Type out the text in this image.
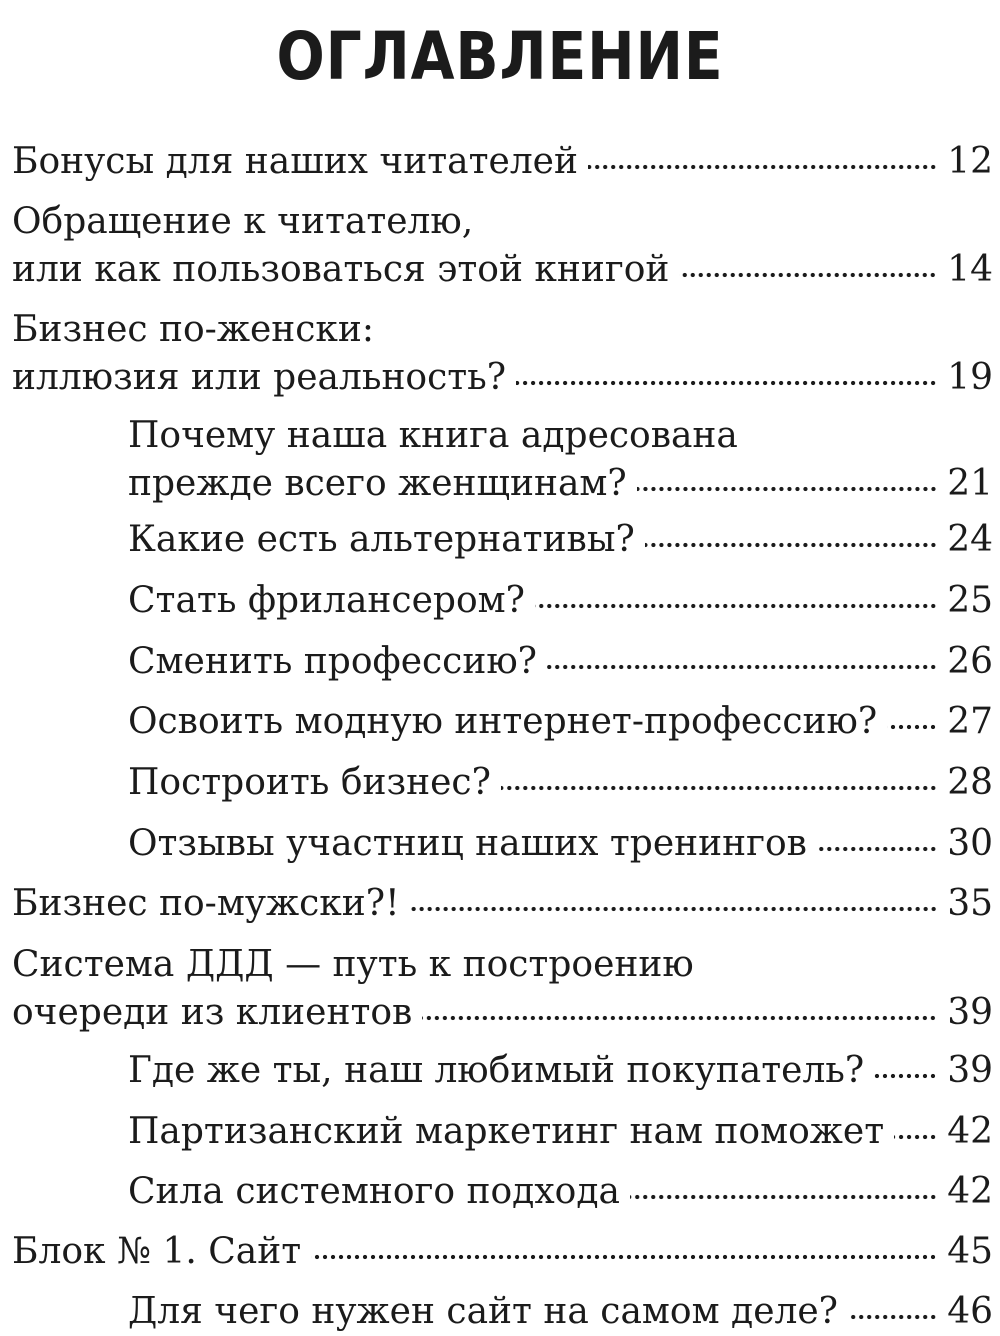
ОГЛАВЛЕНИЕ
Бонусы для наших читателей	12
Обращение к читателю,
или как пользоваться этой книгой	14
Бизнес по-женски:
иллюзия или реальность?	19
Почему наша книга адресована
прежде всего женщинам?	21
Какие есть альтернативы?	24
Стать фрилансером?	25
Сменить профессию?	26
Освоить модную интернет-профессию? 27
Построить бизнес?	28
Отзывы участниц наших тренингов	30
Бизнес по-мужски?!	35
Система ДДД — путь к построению
очереди из клиентов	39
Где же ты, наш любимый покупатель? 39
Партизанский маркетинг нам поможет 42
Сила системного подхода	42
Блок № 1. Сайт	45
Для чего нужен сайт на самом деле?	46
